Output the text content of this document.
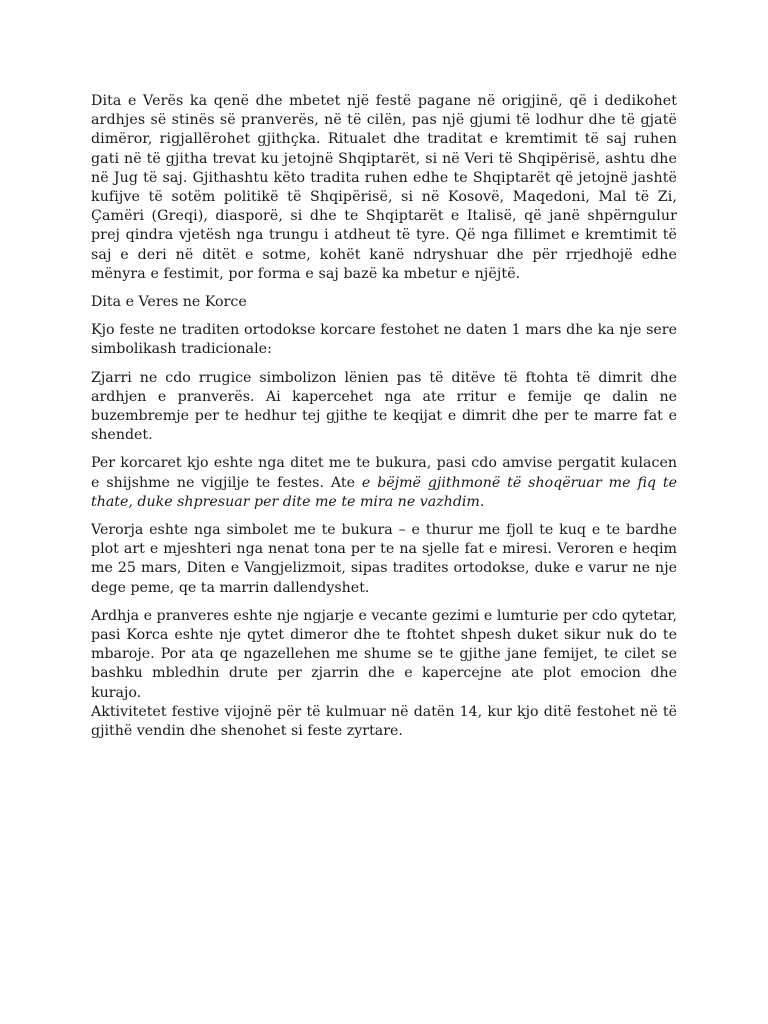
Dita e Verës ka qenë dhe mbetet një festë pagane në origjinë, që i dedikohet ardhjes së stinës së pranverës, në të cilën, pas një gjumi të lodhur dhe të gjatë dimëror, rigjallërohet gjithçka. Ritualet dhe traditat e kremtimit të saj ruhen gati në të gjitha trevat ku jetojnë Shqiptarët, si në Veri të Shqipërisë, ashtu dhe në Jug të saj. Gjithashtu këto tradita ruhen edhe te Shqiptarët që jetojnë jashtë kufijve të sotëm politikë të Shqipërisë, si në Kosovë, Maqedoni, Mal të Zi, Çamëri (Greqi), diasporë, si dhe te Shqiptarët e Italisë, që janë shpërngulur prej qindra vjetësh nga trungu i atdheut të tyre. Që nga fillimet e kremtimit të saj e deri në ditët e sotme, kohët kanë ndryshuar dhe për rrjedhojë edhe mënyra e festimit, por forma e saj bazë ka mbetur e njëjtë.

Dita e Veres ne Korce

Kjo feste ne traditen ortodokse korcare festohet ne daten 1 mars dhe ka nje sere simbolikash tradicionale:

Zjarri ne cdo rrugice simbolizon lënien pas të ditëve të ftohta të dimrit dhe ardhjen e pranverës. Ai kapercehet nga ate rritur e femije qe dalin ne buzembremje per te hedhur tej gjithe te keqijat e dimrit dhe per te marre fat e shendet.

Per korcaret kjo eshte nga ditet me te bukura, pasi cdo amvise pergatit kulacen e shijshme ne vigjilje te festes. Ate e bëjmë gjithmonë të shoqëruar me fiq te thate, duke shpresuar per dite me te mira ne vazhdim.

Verorja eshte nga simbolet me te bukura – e thurur me fjoll te kuq e te bardhe plot art e mjeshteri nga nenat tona per te na sjelle fat e miresi. Veroren e heqim me 25 mars, Diten e Vangjelizmoit, sipas tradites ortodokse, duke e varur ne nje dege peme, qe ta marrin dallendyshet.

Ardhja e pranveres eshte nje ngjarje e vecante gezimi e lumturie per cdo qytetar, pasi Korca eshte nje qytet dimeror dhe te ftohtet shpesh duket sikur nuk do te mbaroje. Por ata qe ngazellehen me shume se te gjithe jane femijet, te cilet se bashku mbledhin drute per zjarrin dhe e kapercejne ate plot emocion dhe kurajo.

Aktivitetet festive vijojnë për të kulmuar në datën 14, kur kjo ditë festohet në të gjithë vendin dhe shenohet si feste zyrtare.
